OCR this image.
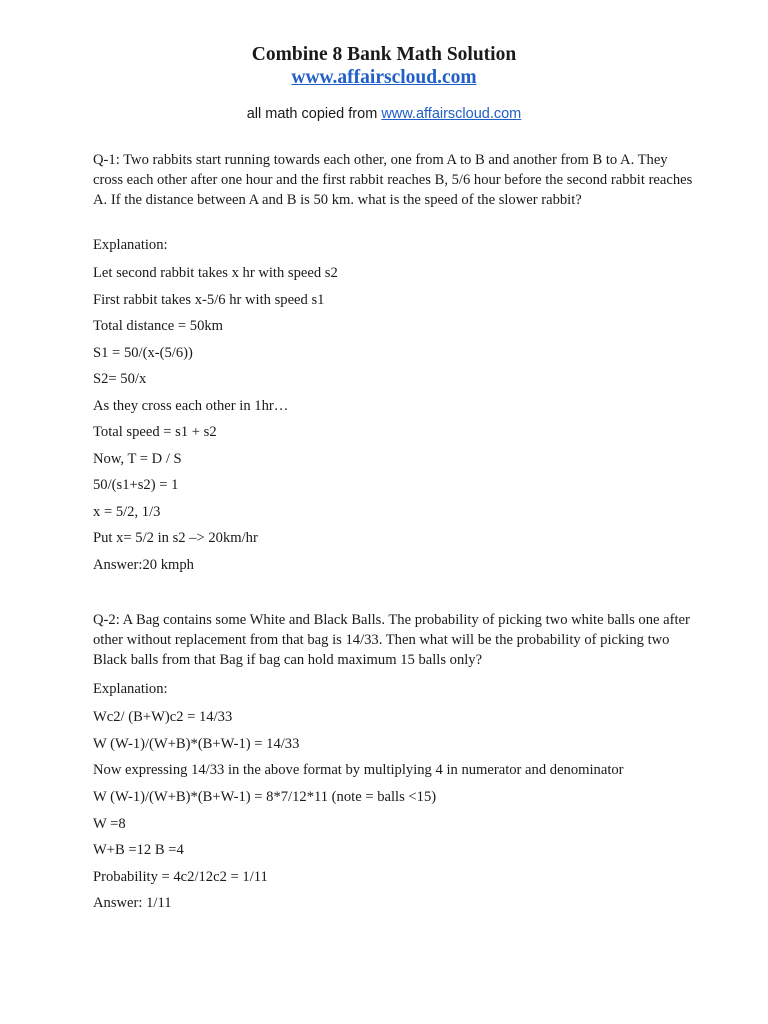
Combine 8 Bank Math Solution
www.affairscloud.com
all math copied from www.affairscloud.com
Q-1: Two rabbits start running towards each other, one from A to B and another from B to A. They cross each other after one hour and the first rabbit reaches B, 5/6 hour before the second rabbit reaches A. If the distance between A and B is 50 km. what is the speed of the slower rabbit?
Explanation:
Let second rabbit takes x hr with speed s2
First rabbit takes x-5/6 hr with speed s1
Total distance = 50km
S1 = 50/(x-(5/6))
S2= 50/x
As they cross each other in 1hr…
Total speed = s1 + s2
Now, T = D / S
50/(s1+s2) = 1
x = 5/2, 1/3
Put x= 5/2 in s2 –> 20km/hr
Answer:20 kmph
Q-2: A Bag contains some White and Black Balls. The probability of picking two white balls one after other without replacement from that bag is 14/33. Then what will be the probability of picking two Black balls from that Bag if bag can hold maximum 15 balls only?
Explanation:
Wc2/ (B+W)c2 = 14/33
W (W-1)/(W+B)*(B+W-1) = 14/33
Now expressing 14/33 in the above format by multiplying 4 in numerator and denominator
W (W-1)/(W+B)*(B+W-1) = 8*7/12*11 (note = balls <15)
W =8
W+B =12 B =4
Probability = 4c2/12c2 = 1/11
Answer: 1/11
